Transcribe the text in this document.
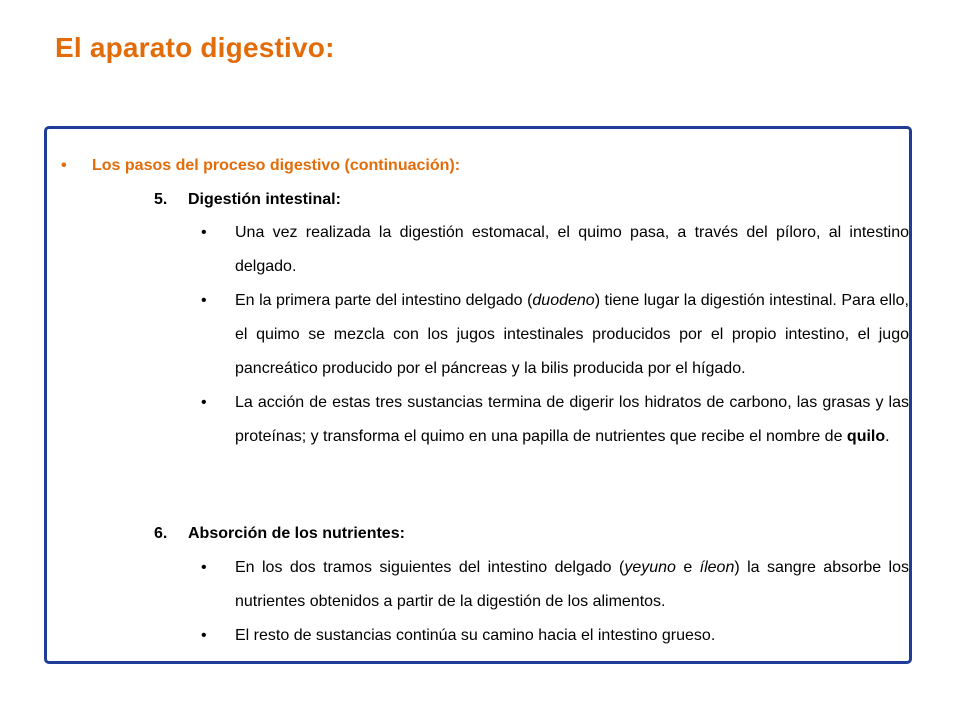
El aparato digestivo:
•	Los pasos del proceso digestivo (continuación):
5.	Digestión intestinal:
•	Una vez realizada la digestión estomacal, el quimo pasa, a través del píloro, al intestino delgado.
•	En la primera parte del intestino delgado (duodeno) tiene lugar la digestión intestinal. Para ello, el quimo se mezcla con los jugos intestinales producidos por el propio intestino, el jugo pancreático producido por el páncreas y la bilis producida por el hígado.
•	La acción de estas tres sustancias termina de digerir los hidratos de carbono, las grasas y las proteínas; y transforma el quimo en una papilla de nutrientes que recibe el nombre de quilo.
6.	Absorción de los nutrientes:
•	En los dos tramos siguientes del intestino delgado (yeyuno e íleon) la sangre absorbe los nutrientes obtenidos a partir de la digestión de los alimentos.
•	El resto de sustancias continúa su camino hacia el intestino grueso.
